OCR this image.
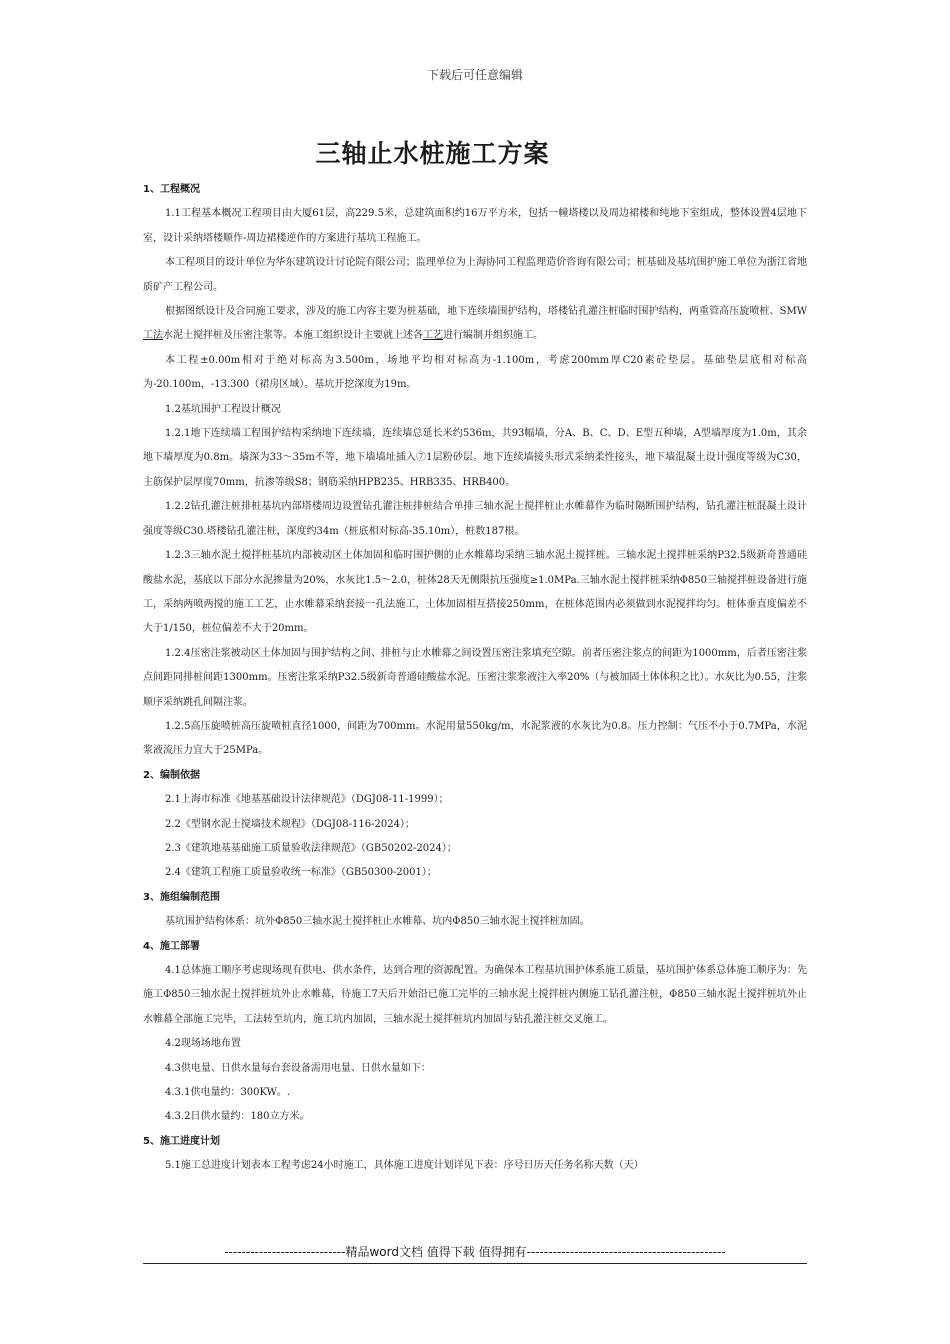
下载后可任意编辑
三轴止水桩施工方案

1、工程概况

1.1工程基本概况工程项目由大厦61层，高229.5米，总建筑面积约16万平方米，包括一幢塔楼以及周边裙楼和纯地下室组成，整体设置4层地下室，设计采纳塔楼顺作-周边裙楼逆作的方案进行基坑工程施工。

本工程项目的设计单位为华东建筑设计讨论院有限公司；监理单位为上海协同工程监理造价咨询有限公司；桩基础及基坑围护施工单位为浙江省地质矿产工程公司。

根据图纸设计及合同施工要求，涉及的施工内容主要为桩基础，地下连续墙围护结构，塔楼钻孔灌注桩临时围护结构，两重管高压旋喷桩、SMW工法水泥土搅拌桩及压密注浆等。本施工组织设计主要就上述各工艺进行编制并组织施工。

本工程±0.00m相对于绝对标高为3.500m，场地平均相对标高为-1.100m，考虑200mm厚C20素砼垫层。基础垫层底相对标高为-20.100m，-13.300（裙房区域）。基坑开挖深度为19m。

1.2基坑围护工程设计概况

1.2.1地下连续墙工程围护结构采纳地下连续墙，连续墙总延长米约536m，共93幅墙，分A、B、C、D、E型五种墙，A型墙厚度为1.0m，其余地下墙厚度为0.8m。墙深为33～35m不等，地下墙墙址插入⑦1层粉砂层。地下连续墙接头形式采纳柔性接头，地下墙混凝土设计强度等级为C30，主筋保护层厚度70mm，抗渗等级S8；钢筋采纳HPB235、HRB335、HRB400。

1.2.2钻孔灌注桩排桩基坑内部塔楼周边设置钻孔灌注桩排桩结合单排三轴水泥土搅拌桩止水帷幕作为临时隔断围护结构，钻孔灌注桩混凝土设计强度等级C30.塔楼钻孔灌注桩，深度约34m（桩底相对标高-35.10m），桩数187根。

1.2.3三轴水泥土搅拌桩基坑内部被动区土体加固和临时围护侧的止水帷幕均采纳三轴水泥土搅拌桩。三轴水泥土搅拌桩采纳P32.5级新奇普通硅酸盐水泥，基底以下部分水泥掺量为20%，水灰比1.5～2.0，桩体28天无侧限抗压强度≥1.0MPa.三轴水泥土搅拌桩采纳Φ850三轴搅拌桩设备进行施工，采纳两喷两搅的施工工艺，止水帷幕采纳套接一孔法施工，土体加固相互搭接250mm，在桩体范围内必须做到水泥搅拌均匀。桩体垂直度偏差不大于1/150，桩位偏差不大于20mm。

1.2.4压密注浆被动区土体加固与围护结构之间、排桩与止水帷幕之间设置压密注浆填充空隙。前者压密注浆点的间距为1000mm，后者压密注浆点间距同排桩间距1300mm。压密注浆采纳P32.5级新奇普通硅酸盐水泥。压密注浆浆液注入率20%（与被加固土体体积之比）。水灰比为0.55，注浆顺序采纳跳孔间隔注浆。

1.2.5高压旋喷桩高压旋喷桩直径1000，间距为700mm。水泥用量550kg/m，水泥浆液的水灰比为0.8。压力控制：气压不小于0.7MPa，水泥浆液流压力宜大于25MPa。

2、编制依据

2.1上海市标准《地基基础设计法律规范》（DGJ08-11-1999）；

2.2《型钢水泥土搅墙技术规程》（DGJ08-116-2024）；

2.3《建筑地基基础施工质量验收法律规范》（GB50202-2024）；

2.4《建筑工程施工质量验收统一标准》（GB50300-2001）；

3、施组编制范围

基坑围护结构体系：坑外Φ850三轴水泥土搅拌桩止水帷幕、坑内Φ850三轴水泥土搅拌桩加固。

4、施工部署

4.1总体施工顺序考虑现场现有供电、供水条件，达到合理的资源配置。为确保本工程基坑围护体系施工质量，基坑围护体系总体施工顺序为：先施工Φ850三轴水泥土搅拌桩坑外止水帷幕，待施工7天后开始沿已施工完毕的三轴水泥土搅拌桩内侧施工钻孔灌注桩，Φ850三轴水泥土搅拌桩坑外止水帷幕全部施工完毕，工法转至坑内，施工坑内加固，三轴水泥土搅拌桩坑内加固与钻孔灌注桩交叉施工。

4.2现场场地布置

4.3供电量、日供水量每台套设备需用电量、日供水量如下：

4.3.1供电量约：300KW。.

4.3.2日供水量约：180立方米。

5、施工进度计划

5.1施工总进度计划表本工程考虑24小时施工，具体施工进度计划详见下表：序号日历天任务名称天数（天）

----------------------------精品word文档 值得下载 值得拥有----------------------------------------------
